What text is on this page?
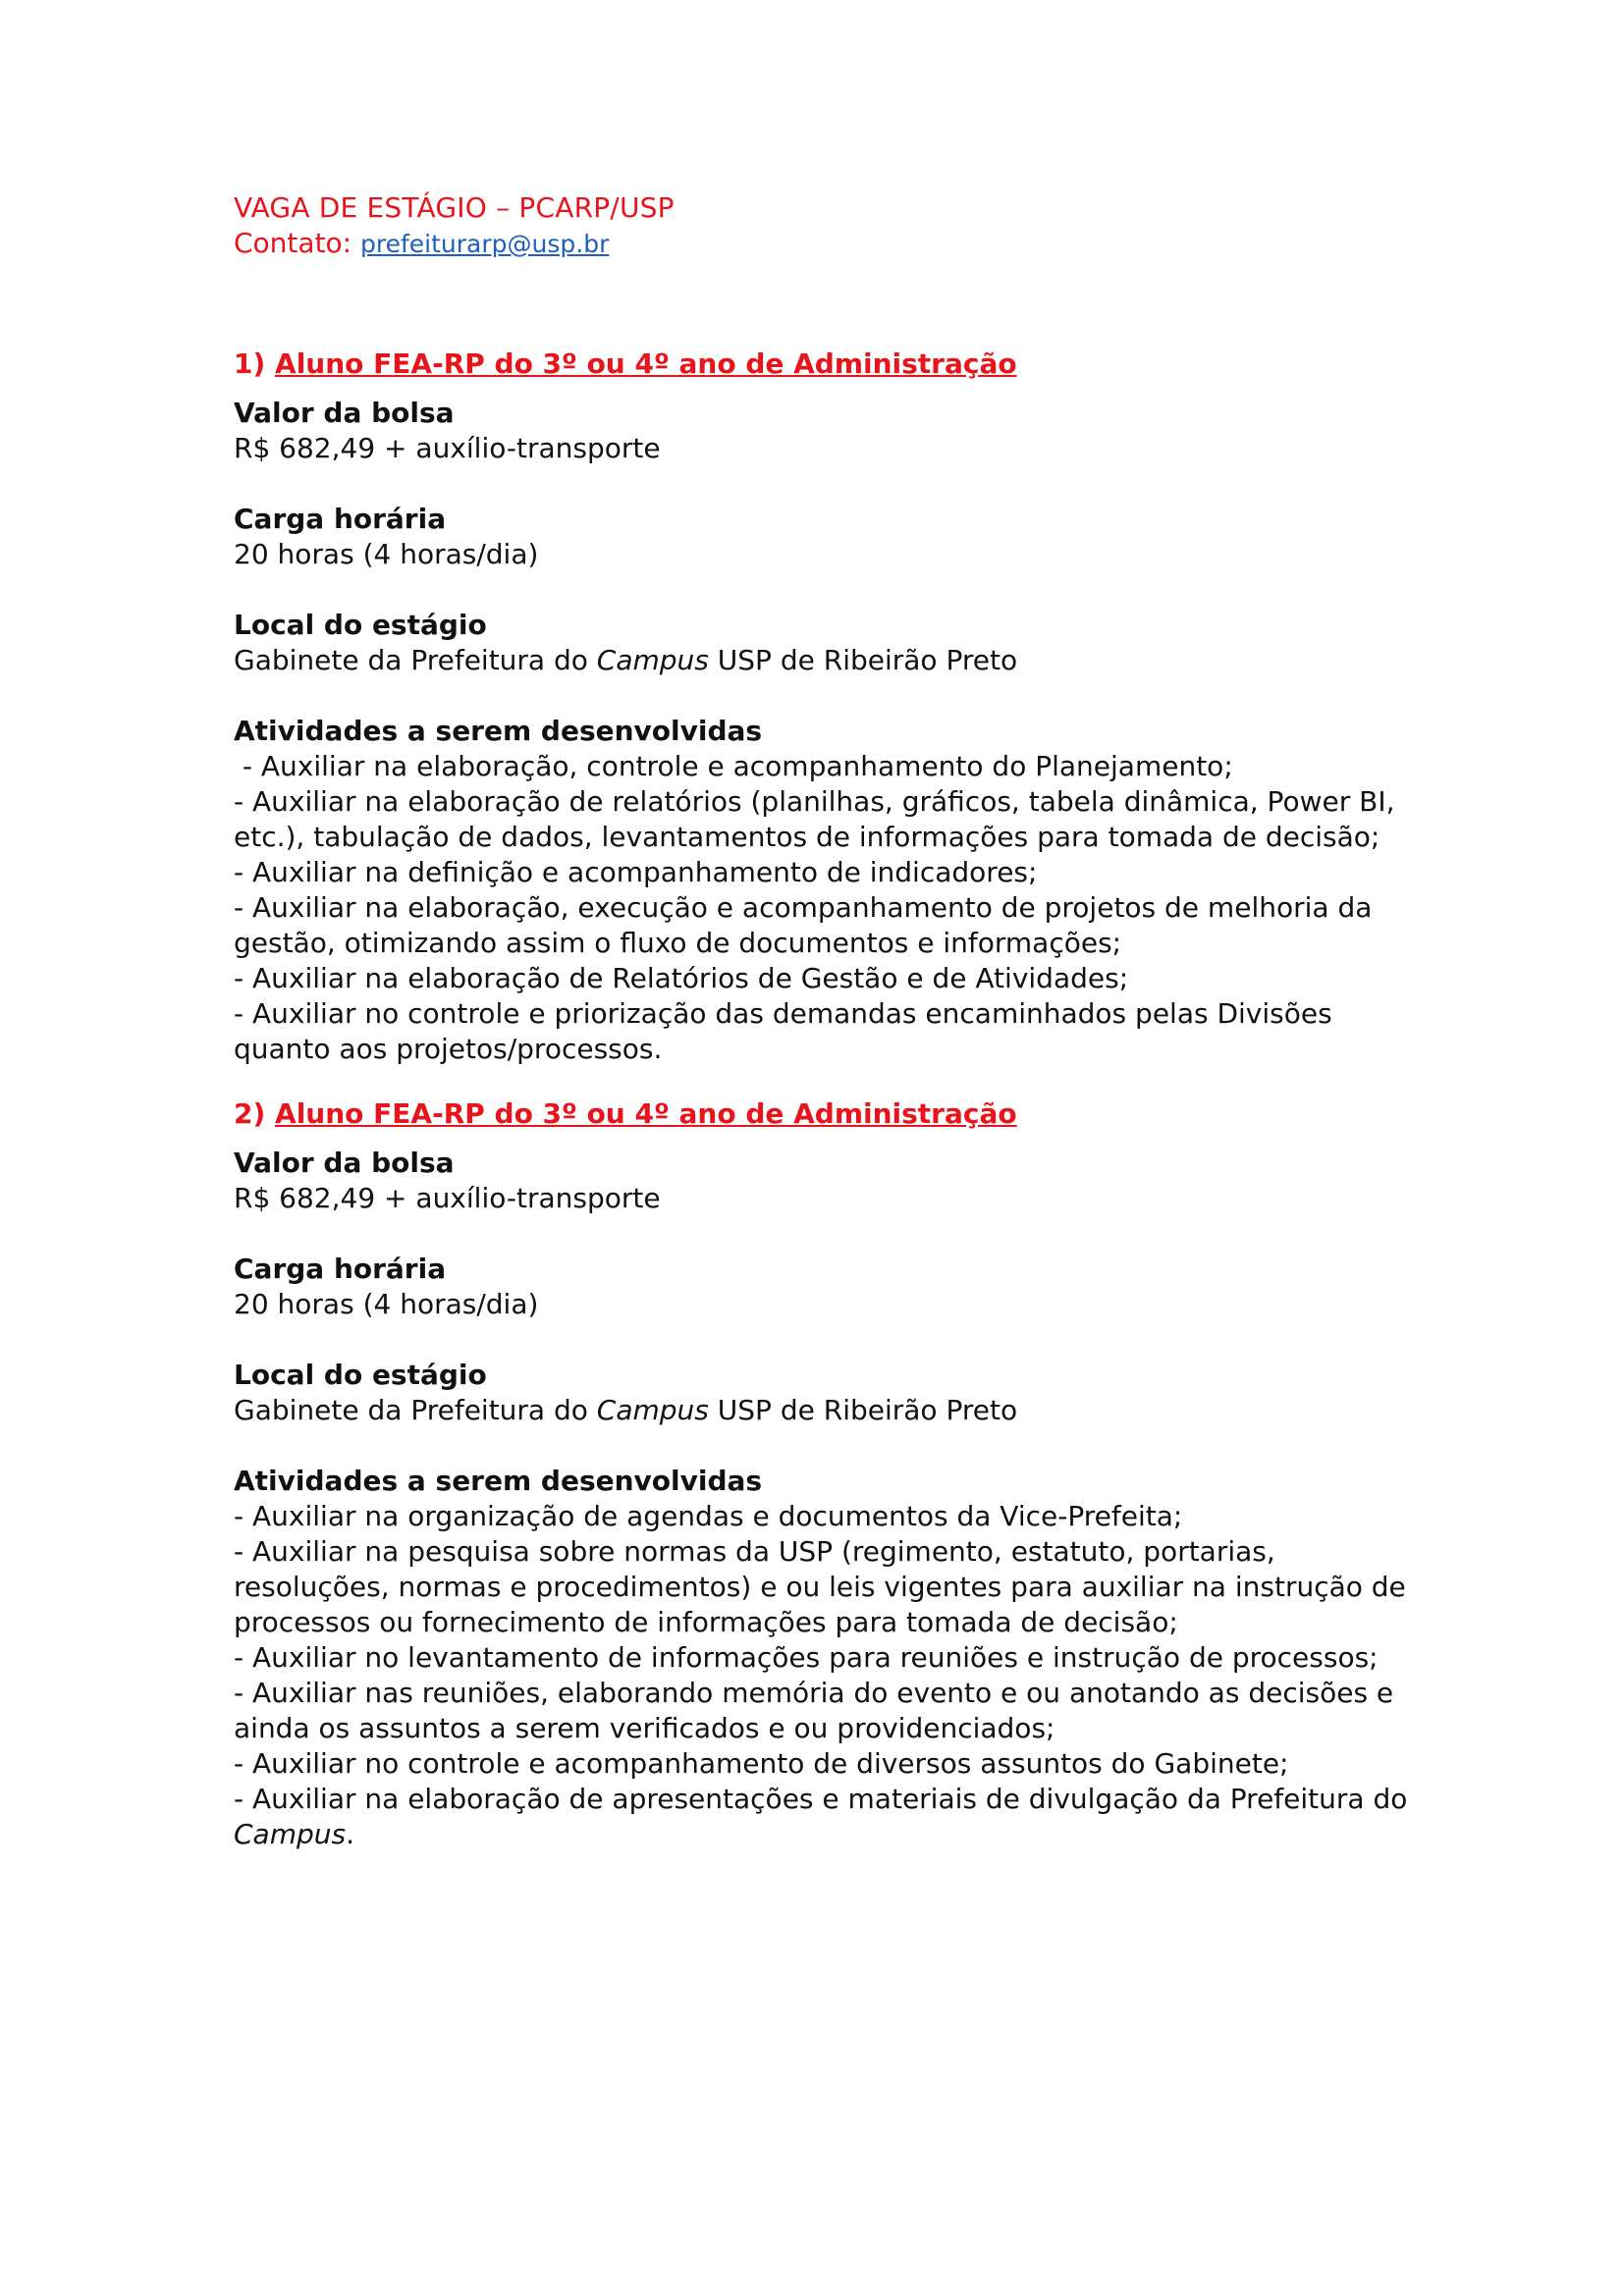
VAGA DE ESTÁGIO – PCARP/USP

Contato: prefeiturarp@usp.br

1) Aluno FEA-RP do 3º ou 4º ano de Administração

Valor da bolsa

R$ 682,49 + auxílio-transporte

Carga horária

20 horas (4 horas/dia)

Local do estágio

Gabinete da Prefeitura do Campus USP de Ribeirão Preto

Atividades a serem desenvolvidas

- Auxiliar na elaboração, controle e acompanhamento do Planejamento;

- Auxiliar na elaboração de relatórios (planilhas, gráficos, tabela dinâmica, Power BI, etc.), tabulação de dados, levantamentos de informações para tomada de decisão;

- Auxiliar na definição e acompanhamento de indicadores;

- Auxiliar na elaboração, execução e acompanhamento de projetos de melhoria da gestão, otimizando assim o fluxo de documentos e informações;

- Auxiliar na elaboração de Relatórios de Gestão e de Atividades;

- Auxiliar no controle e priorização das demandas encaminhados pelas Divisões quanto aos projetos/processos.

2) Aluno FEA-RP do 3º ou 4º ano de Administração

Valor da bolsa

R$ 682,49 + auxílio-transporte

Carga horária

20 horas (4 horas/dia)

Local do estágio

Gabinete da Prefeitura do Campus USP de Ribeirão Preto

Atividades a serem desenvolvidas

- Auxiliar na organização de agendas e documentos da Vice-Prefeita;

- Auxiliar na pesquisa sobre normas da USP (regimento, estatuto, portarias, resoluções, normas e procedimentos) e ou leis vigentes para auxiliar na instrução de processos ou fornecimento de informações para tomada de decisão;

- Auxiliar no levantamento de informações para reuniões e instrução de processos;

- Auxiliar nas reuniões, elaborando memória do evento e ou anotando as decisões e ainda os assuntos a serem verificados e ou providenciados;

- Auxiliar no controle e acompanhamento de diversos assuntos do Gabinete;

- Auxiliar na elaboração de apresentações e materiais de divulgação da Prefeitura do Campus.
